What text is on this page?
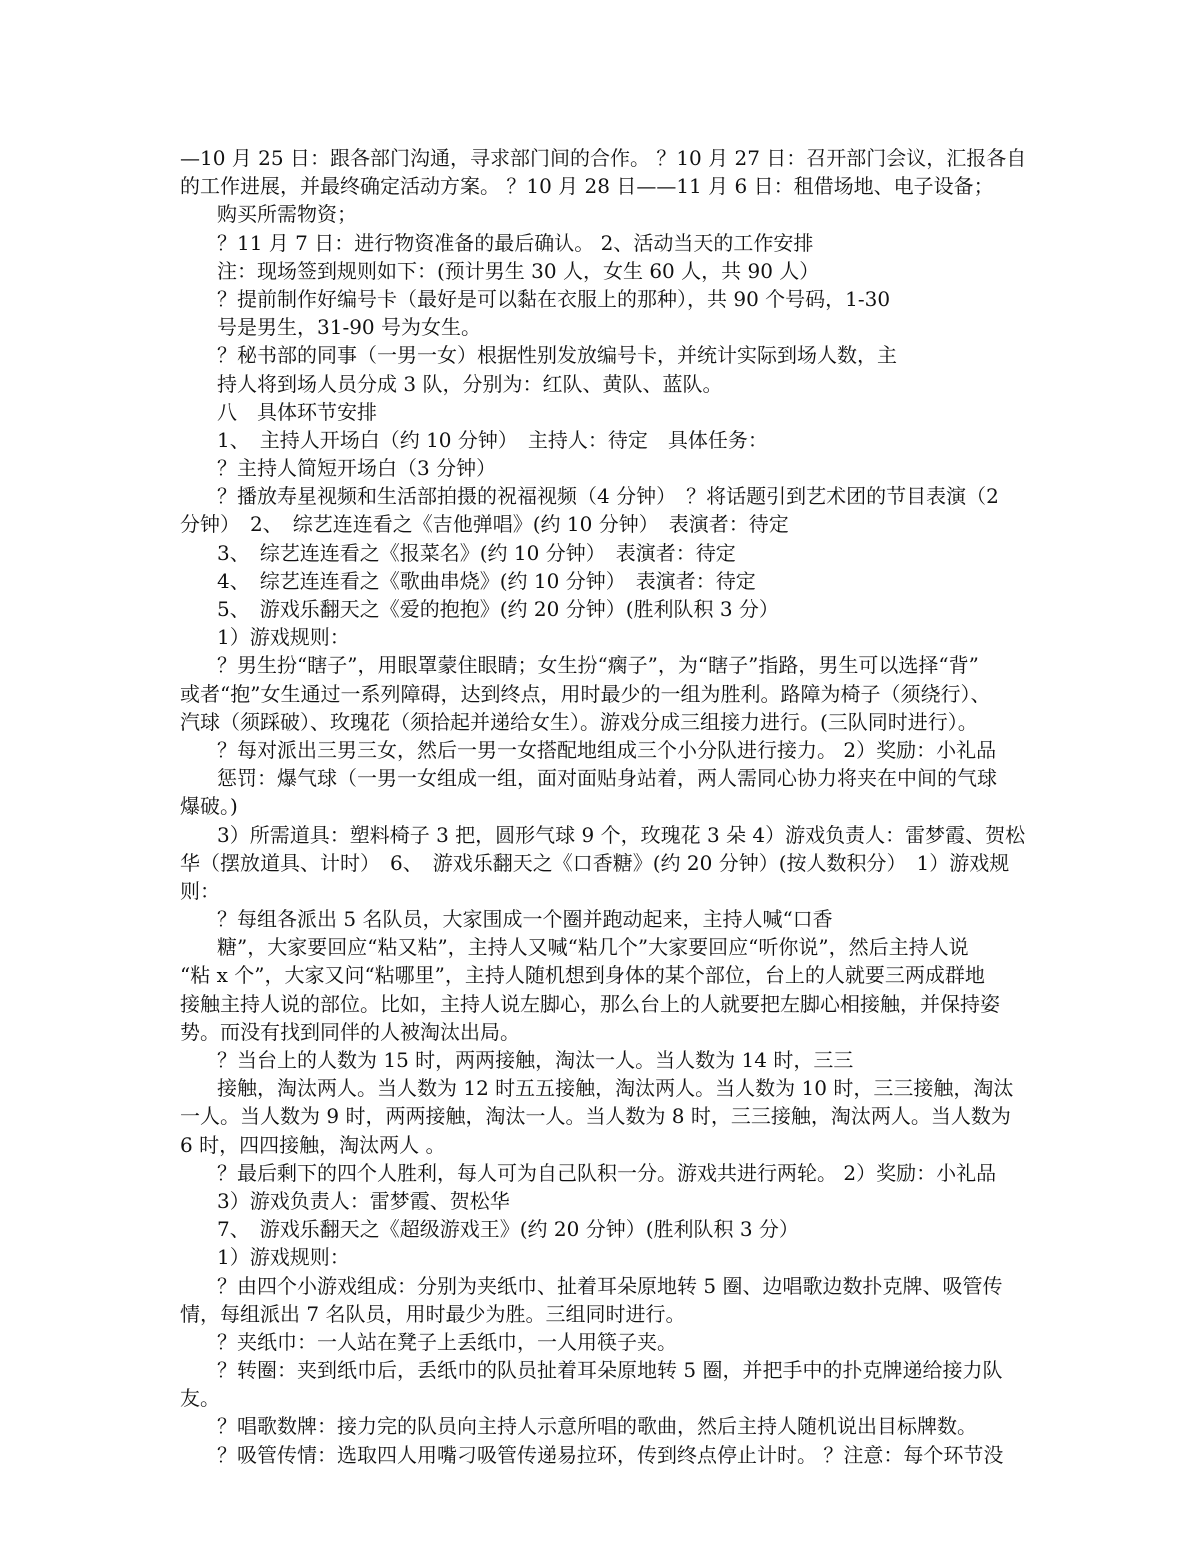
—10 月 25 日：跟各部门沟通，寻求部门间的合作。 ？10 月 27 日：召开部门会议，汇报各自
的工作进展，并最终确定活动方案。 ？10 月 28 日——11 月 6 日：租借场地、电子设备；
购买所需物资；
？11 月 7 日：进行物资准备的最后确认。 2、活动当天的工作安排
注：现场签到规则如下：(预计男生 30 人，女生 60 人，共 90 人）
？提前制作好编号卡（最好是可以黏在衣服上的那种），共 90 个号码，1-30
号是男生，31-90 号为女生。
？秘书部的同事（一男一女）根据性别发放编号卡，并统计实际到场人数，主
持人将到场人员分成 3 队，分别为：红队、黄队、蓝队。
八　具体环节安排
1、　主持人开场白（约 10 分钟）　主持人：待定　具体任务：
？主持人简短开场白（3 分钟）
？播放寿星视频和生活部拍摄的祝福视频（4 分钟）　？将话题引到艺术团的节目表演（2
分钟）　2、　综艺连连看之《吉他弹唱》(约 10 分钟）　表演者：待定
3、　综艺连连看之《报菜名》(约 10 分钟）　表演者：待定
4、　综艺连连看之《歌曲串烧》(约 10 分钟）　表演者：待定
5、　游戏乐翻天之《爱的抱抱》(约 20 分钟）(胜利队积 3 分）
1）游戏规则：
？男生扮“瞎子”，用眼罩蒙住眼睛；女生扮“瘸子”，为“瞎子”指路，男生可以选择“背”
或者“抱”女生通过一系列障碍，达到终点，用时最少的一组为胜利。路障为椅子（须绕行）、
汽球（须踩破）、玫瑰花（须拾起并递给女生）。游戏分成三组接力进行。(三队同时进行）。
？每对派出三男三女，然后一男一女搭配地组成三个小分队进行接力。 2）奖励：小礼品
惩罚：爆气球（一男一女组成一组，面对面贴身站着，两人需同心协力将夹在中间的气球
爆破。)
3）所需道具：塑料椅子 3 把，圆形气球 9 个，玫瑰花 3 朵 4）游戏负责人：雷梦霞、贺松
华（摆放道具、计时）　6、　游戏乐翻天之《口香糖》(约 20 分钟）(按人数积分）　1）游戏规
则：
？每组各派出 5 名队员，大家围成一个圈并跑动起来，主持人喊“口香
糖”，大家要回应“粘又粘”，主持人又喊“粘几个”大家要回应“听你说”，然后主持人说
“粘 x 个”，大家又问“粘哪里”，主持人随机想到身体的某个部位，台上的人就要三两成群地
接触主持人说的部位。比如，主持人说左脚心，那么台上的人就要把左脚心相接触，并保持姿
势。而没有找到同伴的人被淘汰出局。
？当台上的人数为 15 时，两两接触，淘汰一人。当人数为 14 时，三三
接触，淘汰两人。当人数为 12 时五五接触，淘汰两人。当人数为 10 时，三三接触，淘汰
一人。当人数为 9 时，两两接触，淘汰一人。当人数为 8 时，三三接触，淘汰两人。当人数为
6 时，四四接触，淘汰两人 。
？最后剩下的四个人胜利，每人可为自己队积一分。游戏共进行两轮。 2）奖励：小礼品
3）游戏负责人：雷梦霞、贺松华
7、　游戏乐翻天之《超级游戏王》(约 20 分钟）(胜利队积 3 分）
1）游戏规则：
？由四个小游戏组成：分别为夹纸巾、扯着耳朵原地转 5 圈、边唱歌边数扑克牌、吸管传
情，每组派出 7 名队员，用时最少为胜。三组同时进行。
？夹纸巾：一人站在凳子上丢纸巾，一人用筷子夹。
？转圈：夹到纸巾后，丢纸巾的队员扯着耳朵原地转 5 圈，并把手中的扑克牌递给接力队
友。
？唱歌数牌：接力完的队员向主持人示意所唱的歌曲，然后主持人随机说出目标牌数。
？吸管传情：选取四人用嘴刁吸管传递易拉环，传到终点停止计时。 ？注意：每个环节没
